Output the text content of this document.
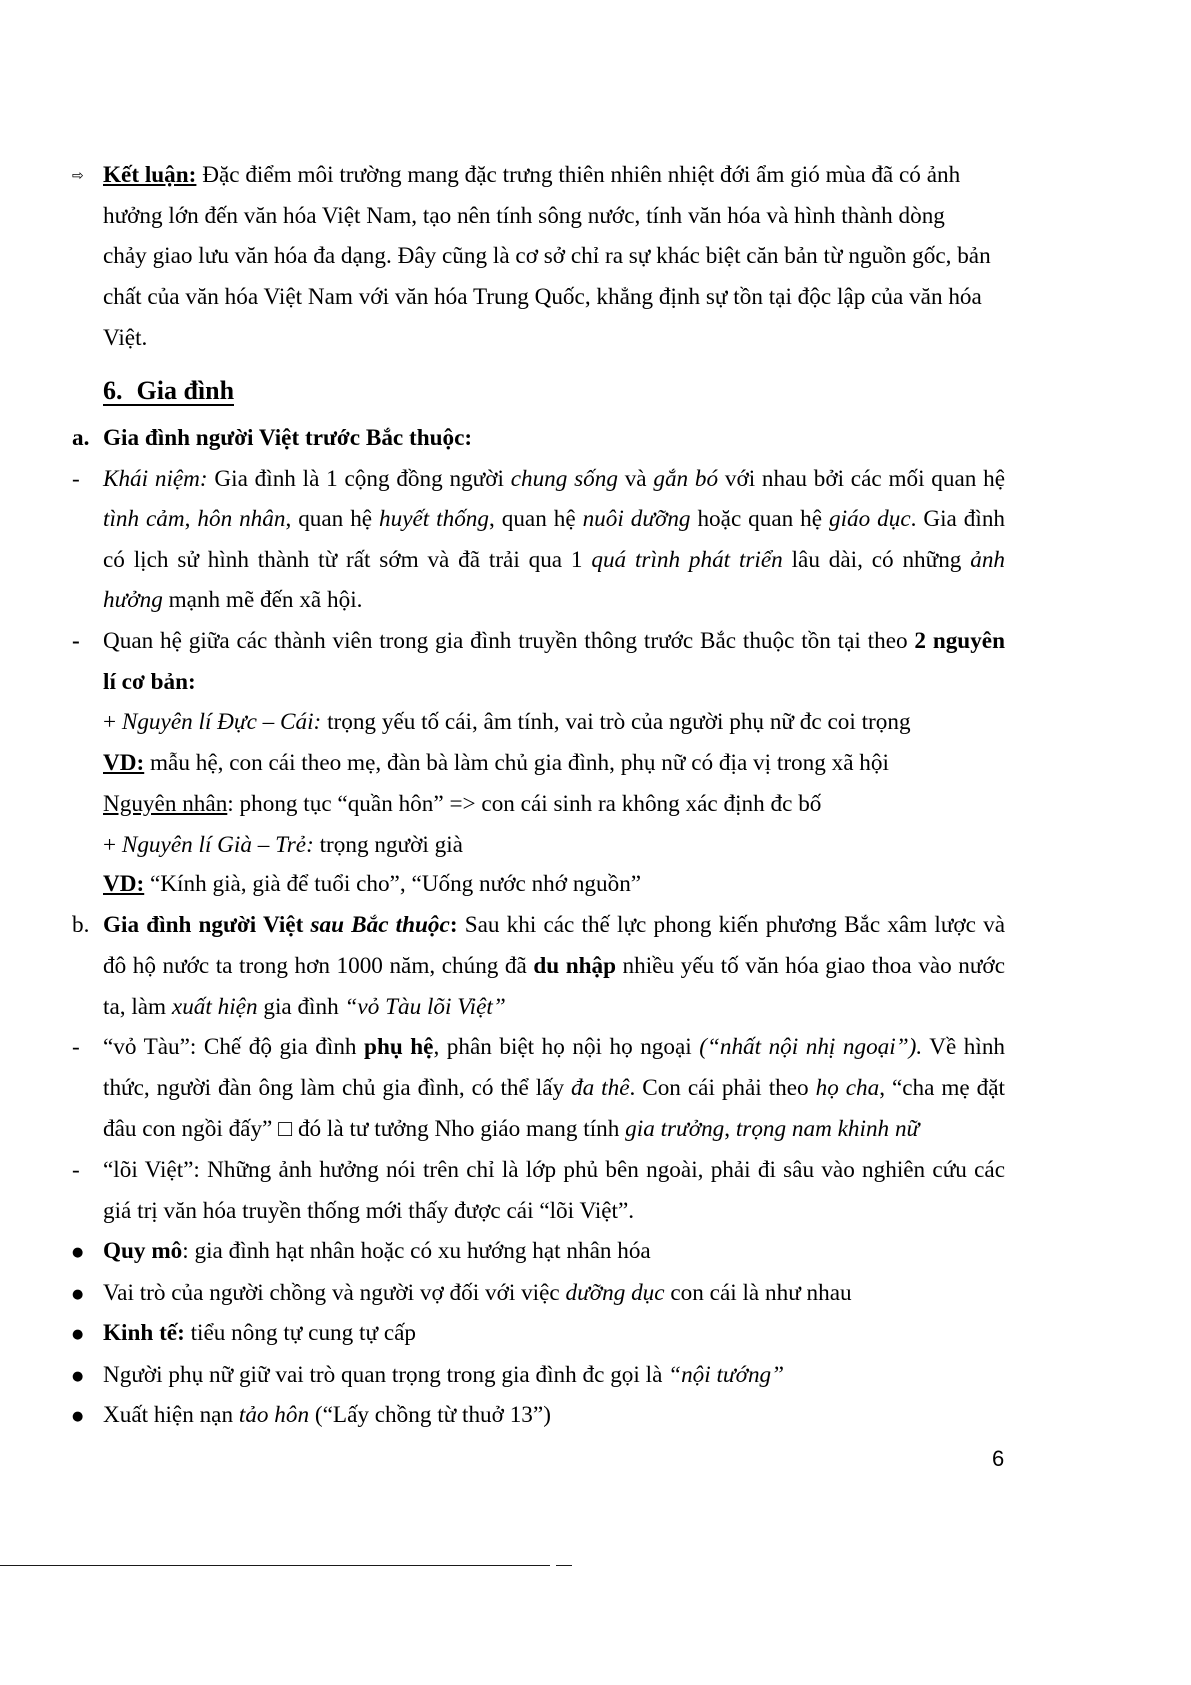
⇨ Kết luận: Đặc điểm môi trường mang đặc trưng thiên nhiên nhiệt đới ẩm gió mùa đã có ảnh
hưởng lớn đến văn hóa Việt Nam, tạo nên tính sông nước, tính văn hóa và hình thành dòng
chảy giao lưu văn hóa đa dạng. Đây cũng là cơ sở chỉ ra sự khác biệt căn bản từ nguồn gốc, bản
chất của văn hóa Việt Nam với văn hóa Trung Quốc, khẳng định sự tồn tại độc lập của văn hóa
Việt.
6. Gia đình
a. Gia đình người Việt trước Bắc thuộc:
- Khái niệm: Gia đình là 1 cộng đồng người chung sống và gắn bó với nhau bởi các mối quan hệ
tình cảm, hôn nhân, quan hệ huyết thống, quan hệ nuôi dưỡng hoặc quan hệ giáo dục. Gia đình
có lịch sử hình thành từ rất sớm và đã trải qua 1 quá trình phát triển lâu dài, có những ảnh
hưởng mạnh mẽ đến xã hội.
- Quan hệ giữa các thành viên trong gia đình truyền thông trước Bắc thuộc tồn tại theo 2 nguyên
lí cơ bản:
+ Nguyên lí Đực – Cái: trọng yếu tố cái, âm tính, vai trò của người phụ nữ đc coi trọng
VD: mẫu hệ, con cái theo mẹ, đàn bà làm chủ gia đình, phụ nữ có địa vị trong xã hội
Nguyên nhân: phong tục “quần hôn” => con cái sinh ra không xác định đc bố
+ Nguyên lí Già – Trẻ: trọng người già
VD: “Kính già, già để tuổi cho”, “Uống nước nhớ nguồn”
b. Gia đình người Việt sau Bắc thuộc: Sau khi các thế lực phong kiến phương Bắc xâm lược và
đô hộ nước ta trong hơn 1000 năm, chúng đã du nhập nhiều yếu tố văn hóa giao thoa vào nước
ta, làm xuất hiện gia đình “vỏ Tàu lõi Việt”
- “vỏ Tàu”: Chế độ gia đình phụ hệ, phân biệt họ nội họ ngoại (“nhất nội nhị ngoại”). Về hình
thức, người đàn ông làm chủ gia đình, có thể lấy đa thê. Con cái phải theo họ cha, “cha mẹ đặt
đâu con ngồi đấy” □ đó là tư tưởng Nho giáo mang tính gia trưởng, trọng nam khinh nữ
- “lõi Việt”: Những ảnh hưởng nói trên chỉ là lớp phủ bên ngoài, phải đi sâu vào nghiên cứu các
giá trị văn hóa truyền thống mới thấy được cái “lõi Việt”.
● Quy mô: gia đình hạt nhân hoặc có xu hướng hạt nhân hóa
● Vai trò của người chồng và người vợ đối với việc dưỡng dục con cái là như nhau
● Kinh tế: tiểu nông tự cung tự cấp
● Người phụ nữ giữ vai trò quan trọng trong gia đình đc gọi là “nội tướng”
● Xuất hiện nạn tảo hôn (“Lấy chồng từ thuở 13”)
6
